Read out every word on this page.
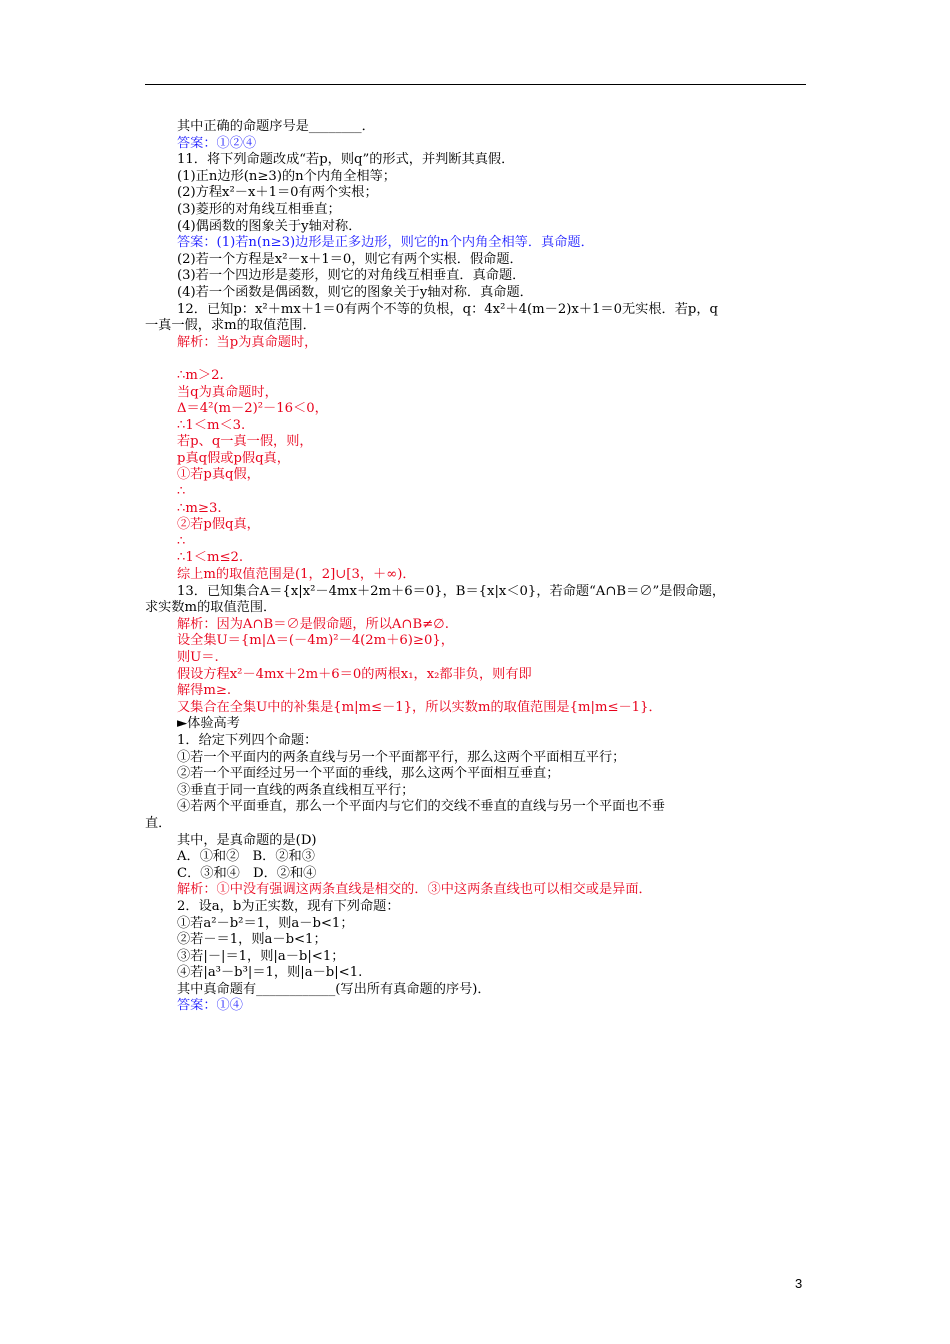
其中正确的命题序号是________．
答案：①②④
11．将下列命题改成“若p，则q”的形式，并判断其真假．
(1)正n边形(n≥3)的n个内角全相等；
(2)方程x²－x＋1＝0有两个实根；
(3)菱形的对角线互相垂直；
(4)偶函数的图象关于y轴对称．
答案：(1)若n(n≥3)边形是正多边形，则它的n个内角全相等．真命题．
(2)若一个方程是x²－x＋1＝0，则它有两个实根．假命题．
(3)若一个四边形是菱形，则它的对角线互相垂直．真命题．
(4)若一个函数是偶函数，则它的图象关于y轴对称．真命题．
12．已知p：x²＋mx＋1＝0有两个不等的负根，q：4x²＋4(m－2)x＋1＝0无实根．若p，q
一真一假，求m的取值范围．
解析：当p为真命题时，
∴m＞2.
当q为真命题时，
Δ＝4²(m－2)²－16＜0，
∴1＜m＜3.
若p、q一真一假，则，
p真q假或p假q真，
①若p真q假，
∴
∴m≥3.
②若p假q真，
∴
∴1＜m≤2.
综上m的取值范围是(1，2]∪[3，＋∞)．
13．已知集合A＝{x|x²－4mx＋2m＋6＝0}，B＝{x|x＜0}，若命题“A∩B＝∅”是假命题，
求实数m的取值范围．
解析：因为A∩B＝∅是假命题，所以A∩B≠∅.
设全集U＝{m|Δ＝(－4m)²－4(2m＋6)≥0}，
则U＝.
假设方程x²－4mx＋2m＋6＝0的两根x₁，x₂都非负，则有即
解得m≥.
又集合在全集U中的补集是{m|m≤－1}，所以实数m的取值范围是{m|m≤－1}．
►体验高考
1．给定下列四个命题：
①若一个平面内的两条直线与另一个平面都平行，那么这两个平面相互平行；
②若一个平面经过另一个平面的垂线，那么这两个平面相互垂直；
③垂直于同一直线的两条直线相互平行；
④若两个平面垂直，那么一个平面内与它们的交线不垂直的直线与另一个平面也不垂
直．
其中，是真命题的是(D)
A．①和②　B．②和③
C．③和④　D．②和④
解析：①中没有强调这两条直线是相交的．③中这两条直线也可以相交或是异面．
2．设a，b为正实数，现有下列命题：
①若a²－b²＝1，则a－b<1；
②若－＝1，则a－b<1；
③若|－|＝1，则|a－b|<1；
④若|a³－b³|＝1，则|a－b|<1.
其中真命题有____________(写出所有真命题的序号)．
答案：①④
3
